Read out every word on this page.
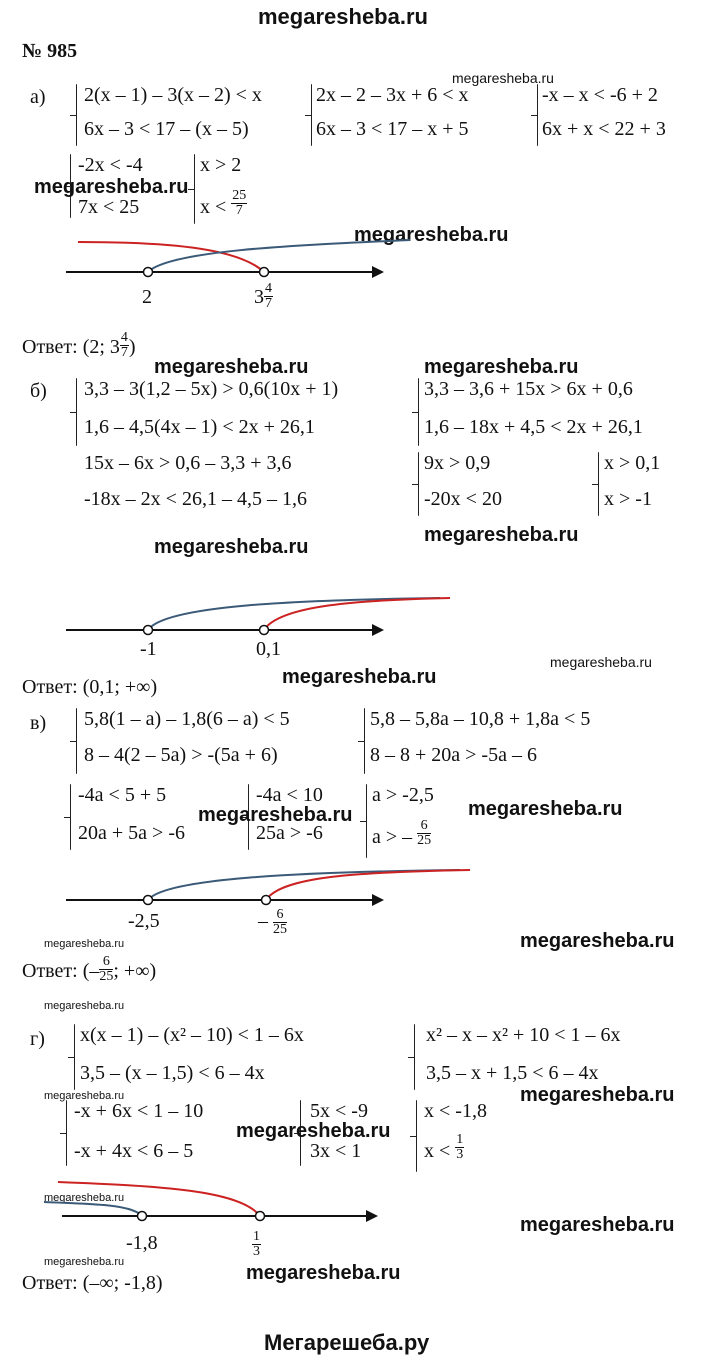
megaresheba.ru
№ 985
а) 2(x – 1) – 3(x – 2) < x
6x – 3 < 17 – (x – 5)
2x – 2 – 3x + 6 < x
6x – 3 < 17 – x + 5
megaresheba.ru
-x – x < -6 + 2
6x + x < 22 + 3
-2x < -4
7x < 25
megaresheba.ru
x > 2
$x < \frac{25}{7}$
megaresheba.ru
2	$3 \frac{4}{7}$
Ответ: (2; $3 \frac{4}{7}$ )
megaresheba.ru	megaresheba.ru
б) 3,3 – 3(1,2 – 5x) > 0,6(10x + 1)
1,6 – 4,5(4x – 1) < 2x + 26,1
3,3 – 3,6 + 15x > 6x + 0,6
1,6 – 18x + 4,5 < 2x + 26,1
15x – 6x > 0,6 – 3,3 + 3,6
-18x – 2x < 26,1 – 4,5 – 1,6
9x > 0,9
-20x < 20
x > 0,1
x > -1
megaresheba.ru
megaresheba.ru
-1	0,1
megaresheba.ru
Ответ: (0,1; +∞)	megaresheba.ru
в) 5,8(1 – a) – 1,8(6 – a) < 5
8 – 4(2 – 5a) > -(5a + 6)
5,8 – 5,8a – 10,8 + 1,8a < 5
8 – 8 + 20a > -5a – 6
-4a < 5 + 5
20a + 5a > -6
-4a < 10
25a > -6
megaresheba.ru
a > -2,5
a > – $\frac{6}{25}$
megaresheba.ru
-2,5	– $\frac{6}{25}$
megaresheba.ru	megaresheba.ru
Ответ: (– $\frac{6}{25}$ ; +∞)
megaresheba.ru
г) x(x – 1) – (x² – 10) < 1 – 6x
3,5 – (x – 1,5) < 6 – 4x
x² – x – x² + 10 < 1 – 6x
3,5 – x + 1,5 < 6 – 4x
megaresheba.ru	megaresheba.ru
-x + 6x < 1 – 10
-x + 4x < 6 – 5
5x < -9
3x < 1
megaresheba.ru
x < -1,8
$x < \frac{1}{3}$
megaresheba.ru
megaresheba.ru
-1,8	$\frac{1}{3}$
megaresheba.ru
Ответ: (–∞; -1,8)	megaresheba.ru
Мегарешеба.ру
